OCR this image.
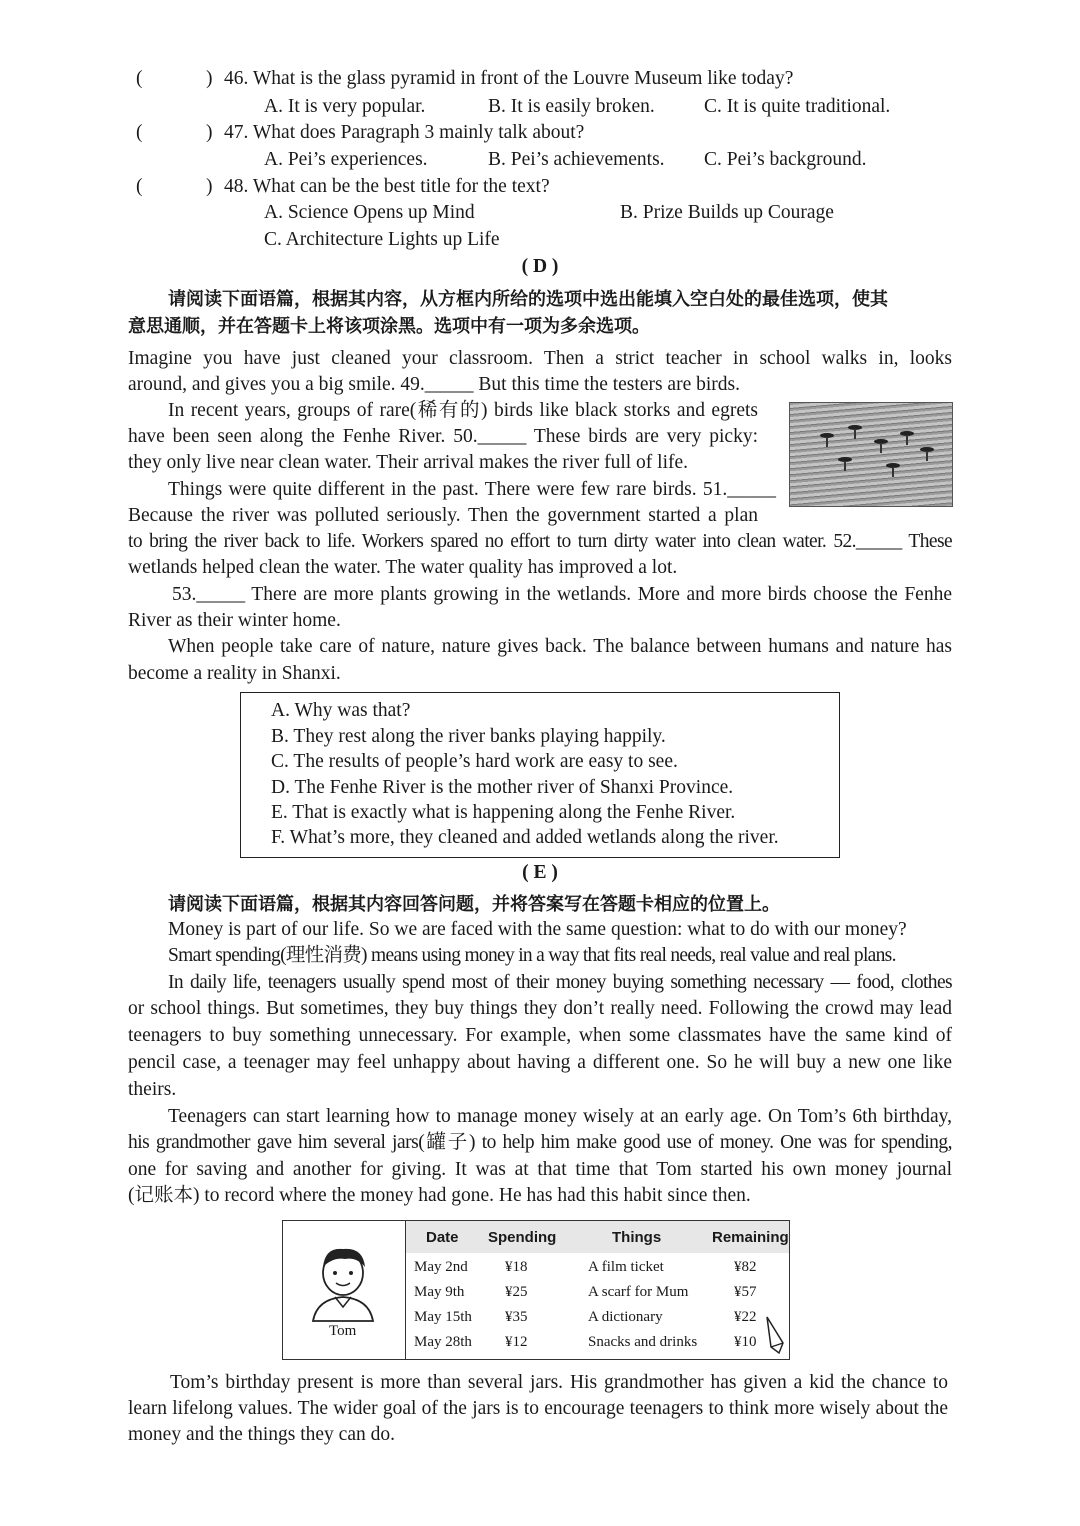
(	) 46. What is the glass pyramid in front of the Louvre Museum like today?
A. It is very popular.	B. It is easily broken.	C. It is quite traditional.
(	) 47. What does Paragraph 3 mainly talk about?
A. Pei’s experiences.	B. Pei’s achievements. C. Pei’s background.
(	) 48. What can be the best title for the text?
A. Science Opens up Mind	B. Prize Builds up Courage
C. Architecture Lights up Life
( D )
请阅读下面语篇，根据其内容，从方框内所给的选项中选出能填入空白处的最佳选项，使其
意思通顺，并在答题卡上将该项涂黑。选项中有一项为多余选项。
Imagine you have just cleaned your classroom. Then a strict teacher in school walks in, looks
around, and gives you a big smile. 49._____ But this time the testers are birds.
In recent years, groups of rare(稀有的) birds like black storks and egrets
have been seen along the Fenhe River. 50._____ These birds are very picky:
they only live near clean water. Their arrival makes the river full of life.
Things were quite different in the past. There were few rare birds. 51._____
Because the river was polluted seriously. Then the government started a plan
to bring the river back to life. Workers spared no effort to turn dirty water into clean water. 52._____ These
wetlands helped clean the water. The water quality has improved a lot.
53._____ There are more plants growing in the wetlands. More and more birds choose the Fenhe
River as their winter home.
When people take care of nature, nature gives back. The balance between humans and nature has
become a reality in Shanxi.
A. Why was that?
B. They rest along the river banks playing happily.
C. The results of people’s hard work are easy to see.
D. The Fenhe River is the mother river of Shanxi Province.
E. That is exactly what is happening along the Fenhe River.
F. What’s more, they cleaned and added wetlands along the river.
( E )
请阅读下面语篇，根据其内容回答问题，并将答案写在答题卡相应的位置上。
Money is part of our life. So we are faced with the same question: what to do with our money?
Smart spending(理性消费) means using money in a way that fits real needs, real value and real plans.
In daily life, teenagers usually spend most of their money buying something necessary — food, clothes
or school things. But sometimes, they buy things they don’t really need. Following the crowd may lead
teenagers to buy something unnecessary. For example, when some classmates have the same kind of
pencil case, a teenager may feel unhappy about having a different one. So he will buy a new one like
theirs.
Teenagers can start learning how to manage money wisely at an early age. On Tom’s 6th birthday,
his grandmother gave him several jars(罐子) to help him make good use of money. One was for spending,
one for saving and another for giving. It was at that time that Tom started his own money journal
(记账本) to record where the money had gone. He has had this habit since then.
Tom
Date Spending	Things	Remaining
May 2nd ¥18	A film ticket	¥82
May 9th	¥25	A scarf for Mum	¥57
May 15th ¥35	A dictionary	¥22
May 28th ¥12	Snacks and drinks ¥10
Tom’s birthday present is more than several jars. His grandmother has given a kid the chance to
learn lifelong values. The wider goal of the jars is to encourage teenagers to think more wisely about the
money and the things they can do.
